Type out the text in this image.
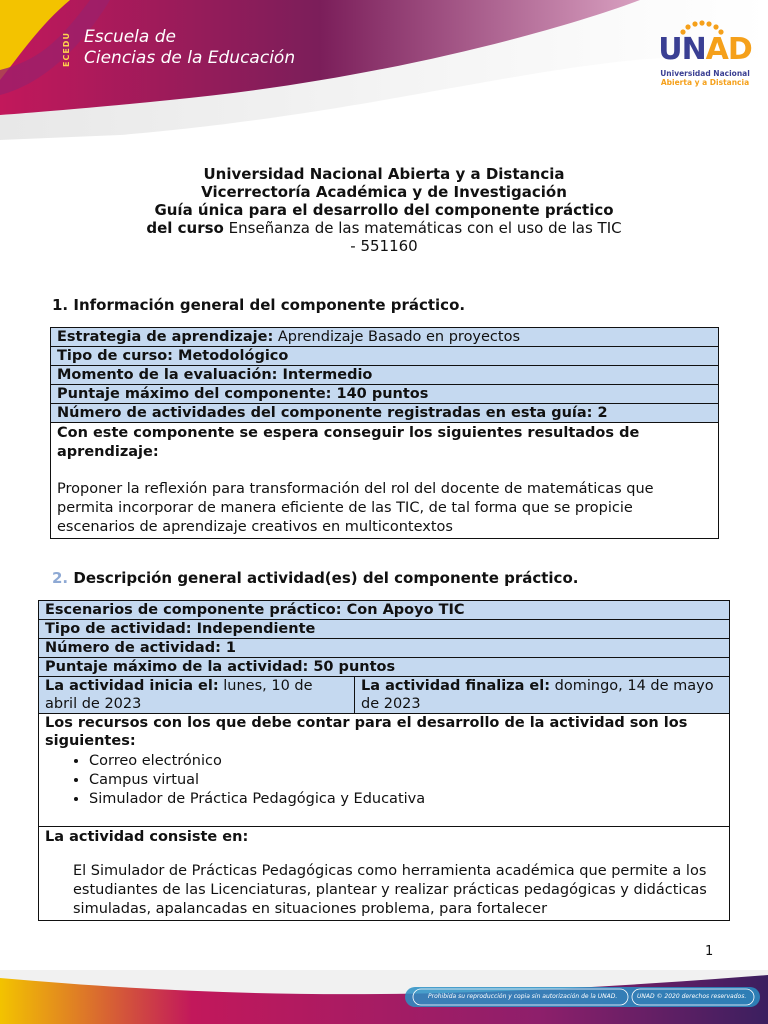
ECEDU Escuela de
Ciencias de la Educación	UNAD
Universidad Nacional
Abierta y a Distancia
Universidad Nacional Abierta y a Distancia
Vicerrectoría Académica y de Investigación
Guía única para el desarrollo del componente práctico
del curso Enseñanza de las matemáticas con el uso de las TIC
- 551160
1. Información general del componente práctico.
Estrategia de aprendizaje: Aprendizaje Basado en proyectos
Tipo de curso: Metodológico
Momento de la evaluación: Intermedio
Puntaje máximo del componente: 140 puntos
Número de actividades del componente registradas en esta guía: 2

Con este componente se espera conseguir los siguientes resultados de aprendizaje:
Proponer la reflexión para transformación del rol del docente de matemáticas que permita incorporar de manera eficiente de las TIC, de tal forma que se propicie escenarios de aprendizaje creativos en multicontextos
2. Descripción general actividad(es) del componente práctico.
Escenarios de componente práctico: Con Apoyo TIC
Tipo de actividad: Independiente
Número de actividad: 1
Puntaje máximo de la actividad: 50 puntos
La actividad inicia el: lunes, 10 de abril de 2023	La actividad finaliza el: domingo, 14 de mayo de 2023

Los recursos con los que debe contar para el desarrollo de la actividad son los siguientes:
• Correo electrónico
• Campus virtual
• Simulador de Práctica Pedagógica y Educativa

La actividad consiste en:
El Simulador de Prácticas Pedagógicas como herramienta académica que permite a los estudiantes de las Licenciaturas, plantear y realizar prácticas pedagógicas y didácticas simuladas, apalancadas en situaciones problema, para fortalecer
1
Prohibida su reproducción y copia sin autorización de la UNAD.	UNAD © 2020 derechos reservados.
